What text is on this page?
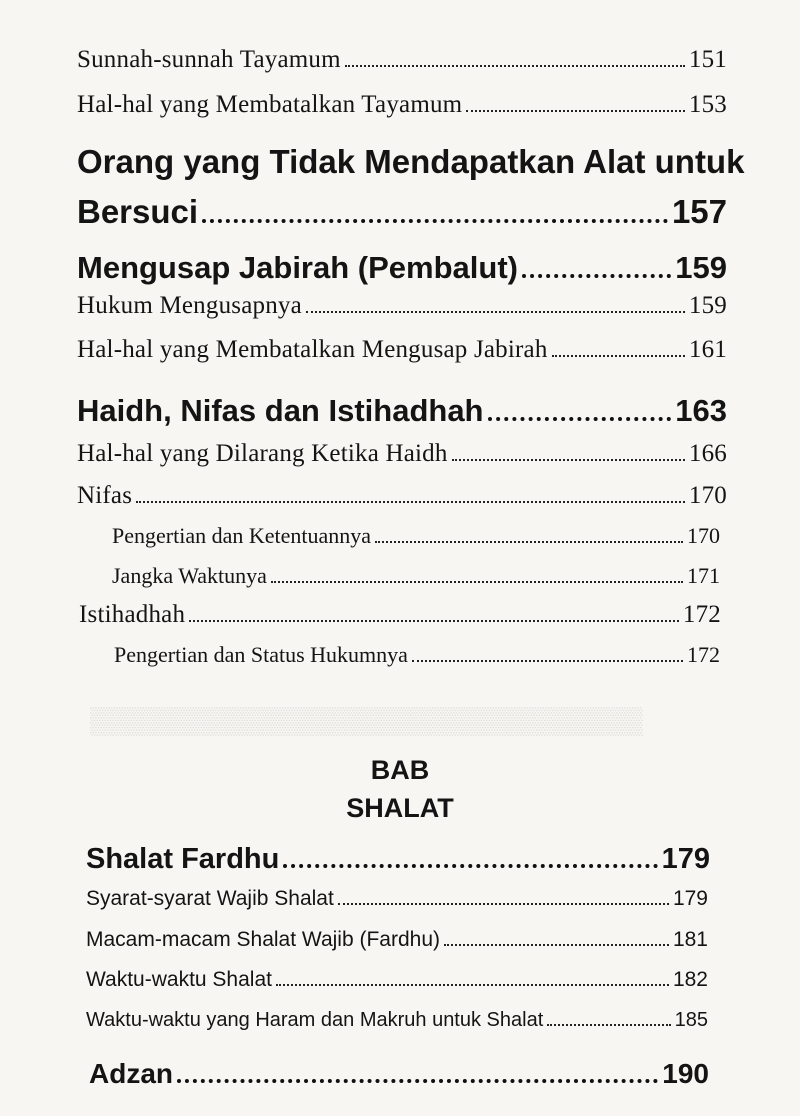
▒▒▒▒▒▒▒▒▒▒▒▒▒▒▒▒▒▒▒▒▒▒▒▒▒▒▒▒▒▒
Sunnah-sunnah Tayamum	151
Hal-hal yang Membatalkan Tayamum	153
Orang yang Tidak Mendapatkan Alat untuk
Bersuci	157
Mengusap Jabirah (Pembalut)	159
Hukum Mengusapnya	159
Hal-hal yang Membatalkan Mengusap Jabirah	161
Haidh, Nifas dan Istihadhah	163
Hal-hal yang Dilarang Ketika Haidh	166
Nifas	170
Pengertian dan Ketentuannya	170
Jangka Waktunya	171
Istihadhah	172
Pengertian dan Status Hukumnya	172
BAB
SHALAT
Shalat Fardhu	179
Syarat-syarat Wajib Shalat	179
Macam-macam Shalat Wajib (Fardhu)	181
Waktu-waktu Shalat	182
Waktu-waktu yang Haram dan Makruh untuk Shalat	185
Adzan	190
